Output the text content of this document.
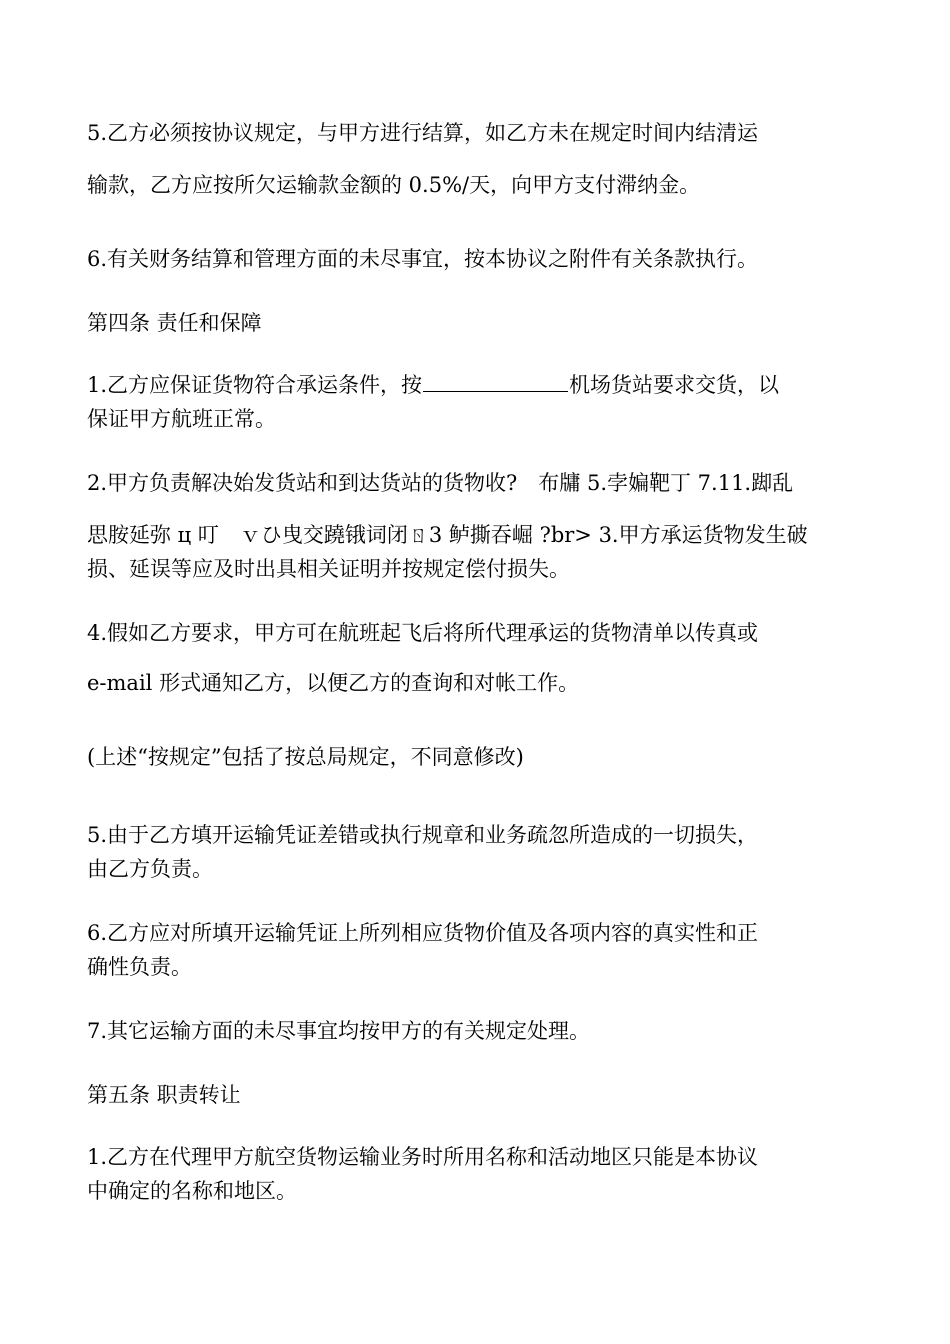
5.乙方必须按协议规定，与甲方进行结算，如乙方未在规定时间内结清运
输款，乙方应按所欠运输款金额的 0.5%/天，向甲方支付滞纳金。

6.有关财务结算和管理方面的未尽事宜，按本协议之附件有关条款执行。

第四条 责任和保障

1.乙方应保证货物符合承运条件，按	机场货站要求交货，以
保证甲方航班正常。

2.甲方负责解决始发货站和到达货站的货物收?　布牗 5.孛媥靶丁 7.11.踋乱
思胺延弥 ц 叮　ｖひ曳交蹺锇词闭ㄖ3 鲈撕吞崛 ?br> 3.甲方承运货物发生破
损、延误等应及时出具相关证明并按规定偿付损失。

4.假如乙方要求，甲方可在航班起飞后将所代理承运的货物清单以传真或
e-mail 形式通知乙方，以便乙方的查询和对帐工作。

(上述“按规定”包括了按总局规定，不同意修改)

5.由于乙方填开运输凭证差错或执行规章和业务疏忽所造成的一切损失，
由乙方负责。

6.乙方应对所填开运输凭证上所列相应货物价值及各项内容的真实性和正
确性负责。

7.其它运输方面的未尽事宜均按甲方的有关规定处理。

第五条 职责转让

1.乙方在代理甲方航空货物运输业务时所用名称和活动地区只能是本协议
中确定的名称和地区。
